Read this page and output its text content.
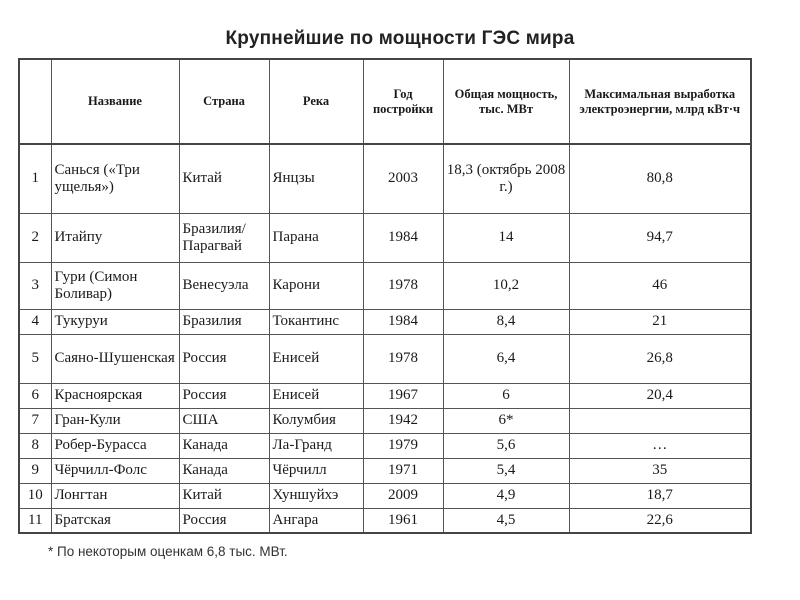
Крупнейшие по мощности ГЭС мира
	Название	Страна	Река	Год постройки	Общая мощность, тыс. МВт	Максимальная выработка электроэнергии, млрд кВт·ч
1	Санься («Три ущелья»)	Китай	Янцзы	2003	18,3 (октябрь 2008 г.)	80,8
2	Итайпу	Бразилия/ Парагвай	Парана	1984	14	94,7
3	Гури (Симон Боливар)	Венесуэла	Карони	1978	10,2	46
4	Тукуруи	Бразилия	Токантинс	1984	8,4	21
5	Саяно-Шушенская	Россия	Енисей	1978	6,4	26,8
6	Красноярская	Россия	Енисей	1967	6	20,4
7	Гран-Кули	США	Колумбия	1942	6*	
8	Робер-Бурасса	Канада	Ла-Гранд	1979	5,6	…
9	Чёрчилл-Фолс	Канада	Чёрчилл	1971	5,4	35
10	Лонгтан	Китай	Хуншуйхэ	2009	4,9	18,7
11	Братская	Россия	Ангара	1961	4,5	22,6
* По некоторым оценкам 6,8 тыс. МВт.
